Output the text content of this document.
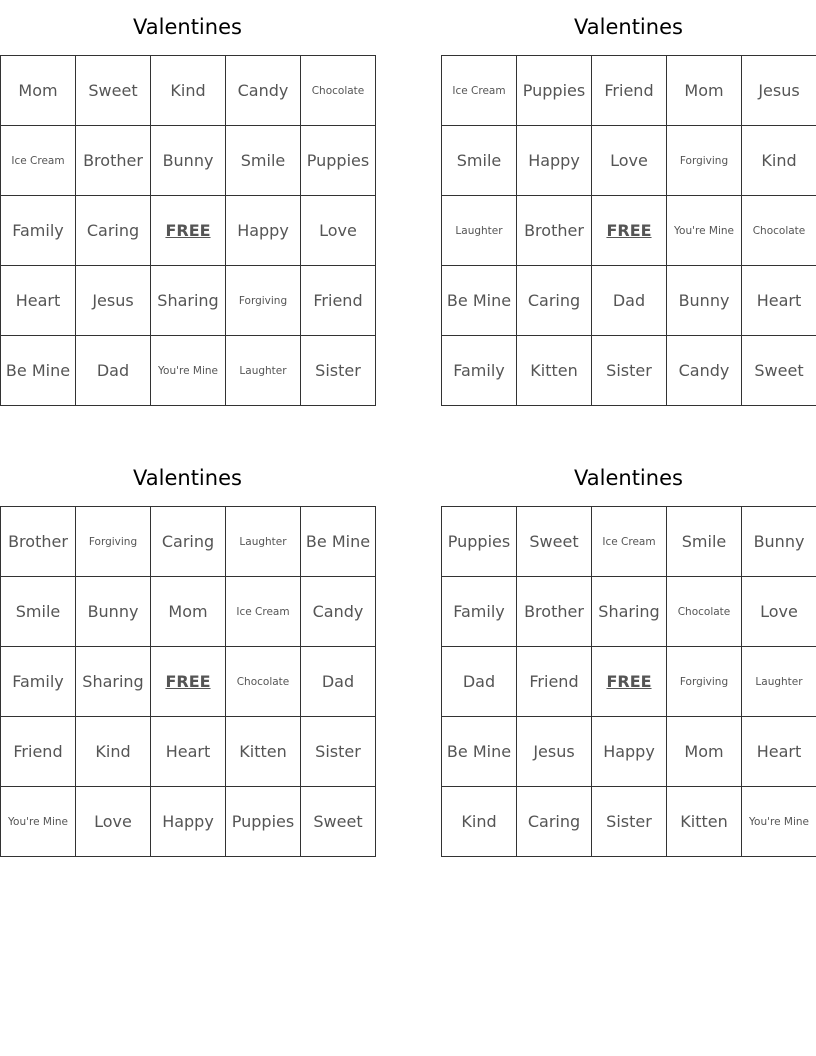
Valentines
Mom	Sweet	Kind	Candy	Chocolate
Ice Cream	Brother	Bunny	Smile	Puppies
Family	Caring	FREE	Happy	Love
Heart	Jesus	Sharing	Forgiving	Friend
Be Mine	Dad	You're Mine	Laughter	Sister
Valentines
Ice Cream	Puppies	Friend	Mom	Jesus
Smile	Happy	Love	Forgiving	Kind
Laughter	Brother	FREE	You're Mine	Chocolate
Be Mine	Caring	Dad	Bunny	Heart
Family	Kitten	Sister	Candy	Sweet
Valentines
Brother	Forgiving	Caring	Laughter	Be Mine
Smile	Bunny	Mom	Ice Cream	Candy
Family	Sharing	FREE	Chocolate	Dad
Friend	Kind	Heart	Kitten	Sister
You're Mine	Love	Happy	Puppies	Sweet
Valentines
Puppies	Sweet	Ice Cream	Smile	Bunny
Family	Brother	Sharing	Chocolate	Love
Dad	Friend	FREE	Forgiving	Laughter
Be Mine	Jesus	Happy	Mom	Heart
Kind	Caring	Sister	Kitten	You're Mine
